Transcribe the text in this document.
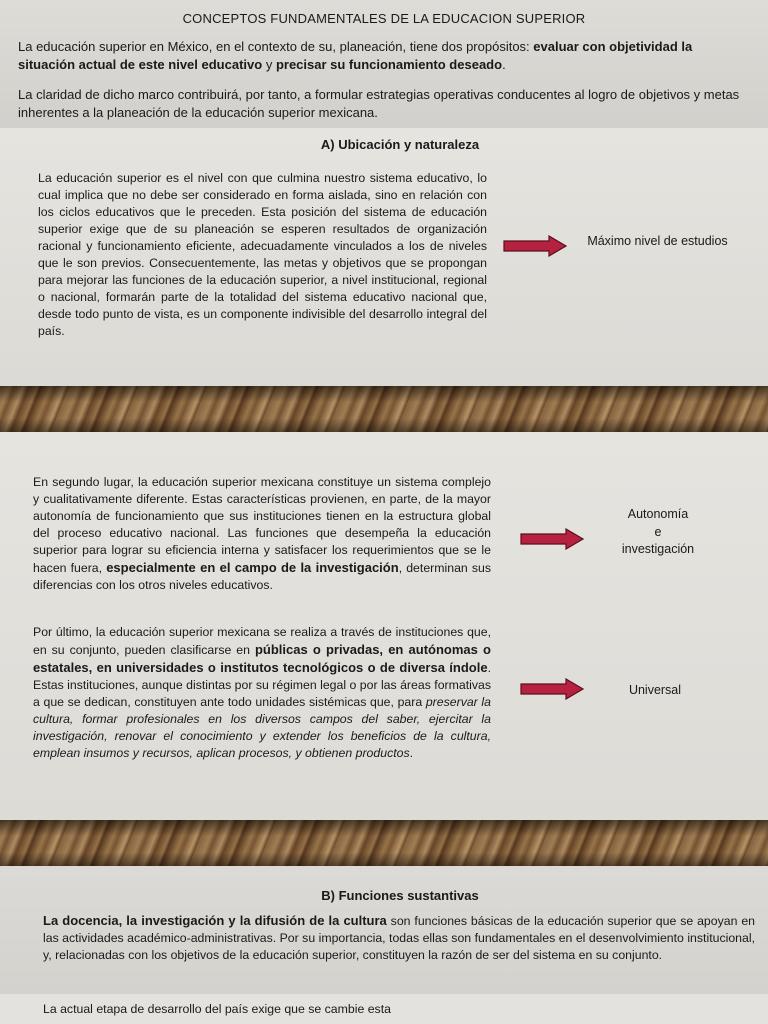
CONCEPTOS FUNDAMENTALES DE LA EDUCACION SUPERIOR

La educación superior en México, en el contexto de su, planeación, tiene dos propósitos: evaluar con objetividad la situación actual de este nivel educativo y precisar su funcionamiento deseado.

La claridad de dicho marco contribuirá, por tanto, a formular estrategias operativas conducentes al logro de objetivos y metas inherentes a la planeación de la educación superior mexicana.

A) Ubicación y naturaleza

La educación superior es el nivel con que culmina nuestro sistema educativo, lo cual implica que no debe ser considerado en forma aislada, sino en relación con los ciclos educativos que le preceden. Esta posición del sistema de educación superior exige que de su planeación se esperen resultados de organización racional y funcionamiento eficiente, adecuadamente vinculados a los de niveles que le son previos. Consecuentemente, las metas y objetivos que se propongan para mejorar las funciones de la educación superior, a nivel institucional, regional o nacional, formarán parte de la totalidad del sistema educativo nacional que, desde todo punto de vista, es un componente indivisible del desarrollo integral del país.

Máximo nivel de estudios

En segundo lugar, la educación superior mexicana constituye un sistema complejo y cualitativamente diferente. Estas características provienen, en parte, de la mayor autonomía de funcionamiento que sus instituciones tienen en la estructura global del proceso educativo nacional. Las funciones que desempeña la educación superior para lograr su eficiencia interna y satisfacer los requerimientos que se le hacen fuera, especialmente en el campo de la investigación, determinan sus diferencias con los otros niveles educativos.

Autonomía
e
investigación

Por último, la educación superior mexicana se realiza a través de instituciones que, en su conjunto, pueden clasificarse en públicas o privadas, en autónomas o estatales, en universidades o institutos tecnológicos o de diversa índole. Estas instituciones, aunque distintas por su régimen legal o por las áreas formativas a que se dedican, constituyen ante todo unidades sistémicas que, para preservar la cultura, formar profesionales en los diversos campos del saber, ejercitar la investigación, renovar el conocimiento y extender los beneficios de la cultura, emplean insumos y recursos, aplican procesos, y obtienen productos.

Universal
B) Funciones sustantivas

La docencia, la investigación y la difusión de la cultura son funciones básicas de la educación superior que se apoyan en las actividades académico-administrativas. Por su importancia, todas ellas son fundamentales en el desenvolvimiento institucional, y, relacionadas con los objetivos de la educación superior, constituyen la razón de ser del sistema en su conjunto.

La actual etapa de desarrollo del país exige que se cambie esta
